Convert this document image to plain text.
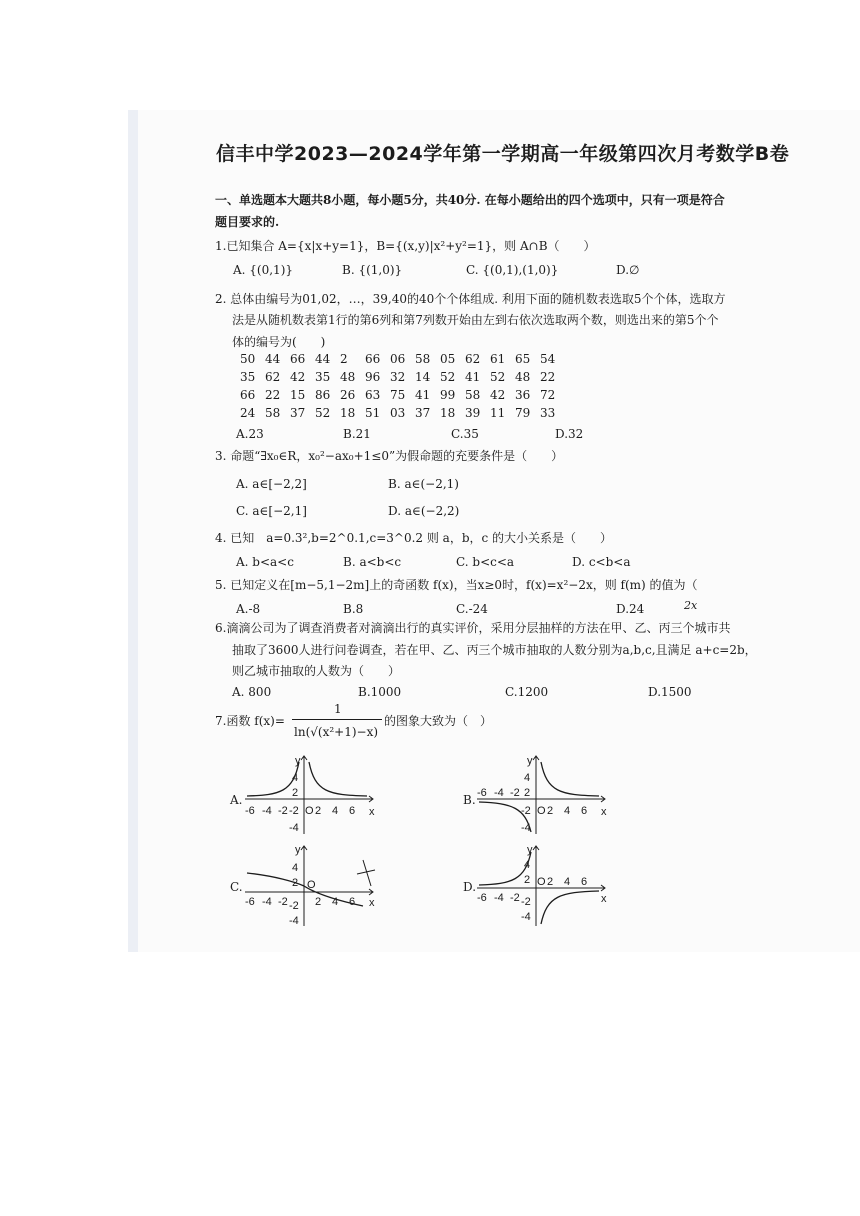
信丰中学2023—2024学年第一学期高一年级第四次月考数学B卷
一、单选题本大题共8小题，每小题5分，共40分. 在每小题给出的四个选项中，只有一项是符合
题目要求的.
1.已知集合 A={x|x+y=1}，B={(x,y)|x²+y²=1}，则 A∩B（　　）
A. {(0,1)}	B. {(1,0)}	C. {(0,1),(1,0)}	D.∅
2. 总体由编号为01,02，…，39,40的40个个体组成. 利用下面的随机数表选取5个个体，选取方
法是从随机数表第1行的第6列和第7列数开始由左到右依次选取两个数，则选出来的第5个个
体的编号为(　　)
50	44	66	44	2	66	06	58	05	62	61	65	54
35	62	42	35	48	96	32	14	52	41	52	48	22
66	22	15	86	26	63	75	41	99	58	42	36	72
24	58	37	52	18	51	03	37	18	39	11	79	33
A.23	B.21	C.35	D.32
3. 命题“∃x₀∈R，x₀²−ax₀+1≤0”为假命题的充要条件是（　　）
A. a∈[−2,2]	B. a∈(−2,1)
C. a∈[−2,1]	D. a∈(−2,2)
4. 已知　a=0.3²,b=2^0.1,c=3^0.2 则 a，b，c 的大小关系是（　　）
A. b<a<c	B. a<b<c	C. b<c<a	D. c<b<a
5. 已知定义在[m−5,1−2m]上的奇函数 f(x)，当x≥0时，f(x)=x²−2x，则 f(m) 的值为（
A.-8	B.8	C.-24	D.24	2x
6.滴滴公司为了调查消费者对滴滴出行的真实评价，采用分层抽样的方法在甲、乙、丙三个城市共
抽取了3600人进行问卷调查，若在甲、乙、丙三个城市抽取的人数分别为a,b,c,且满足 a+c=2b，
则乙城市抽取的人数为（　　）
A. 800	B.1000	C.1200	D.1500
7.函数 f(x)=
1
ln(√(x²+1)−x)
的图象大致为（　）
A.	B.
C.	D.
y
x
O
4
2
-2
-4
-6 -4 -2 2 4 6
y
x
O
4
2
-2
-4
-6 -4 -2
2 4 6
y
x
O
4
2
-2
-4
-6 -4 -2 2 4 6
y
x
O
4
2
-2
-4
-6 -4 -2
2 4 6
